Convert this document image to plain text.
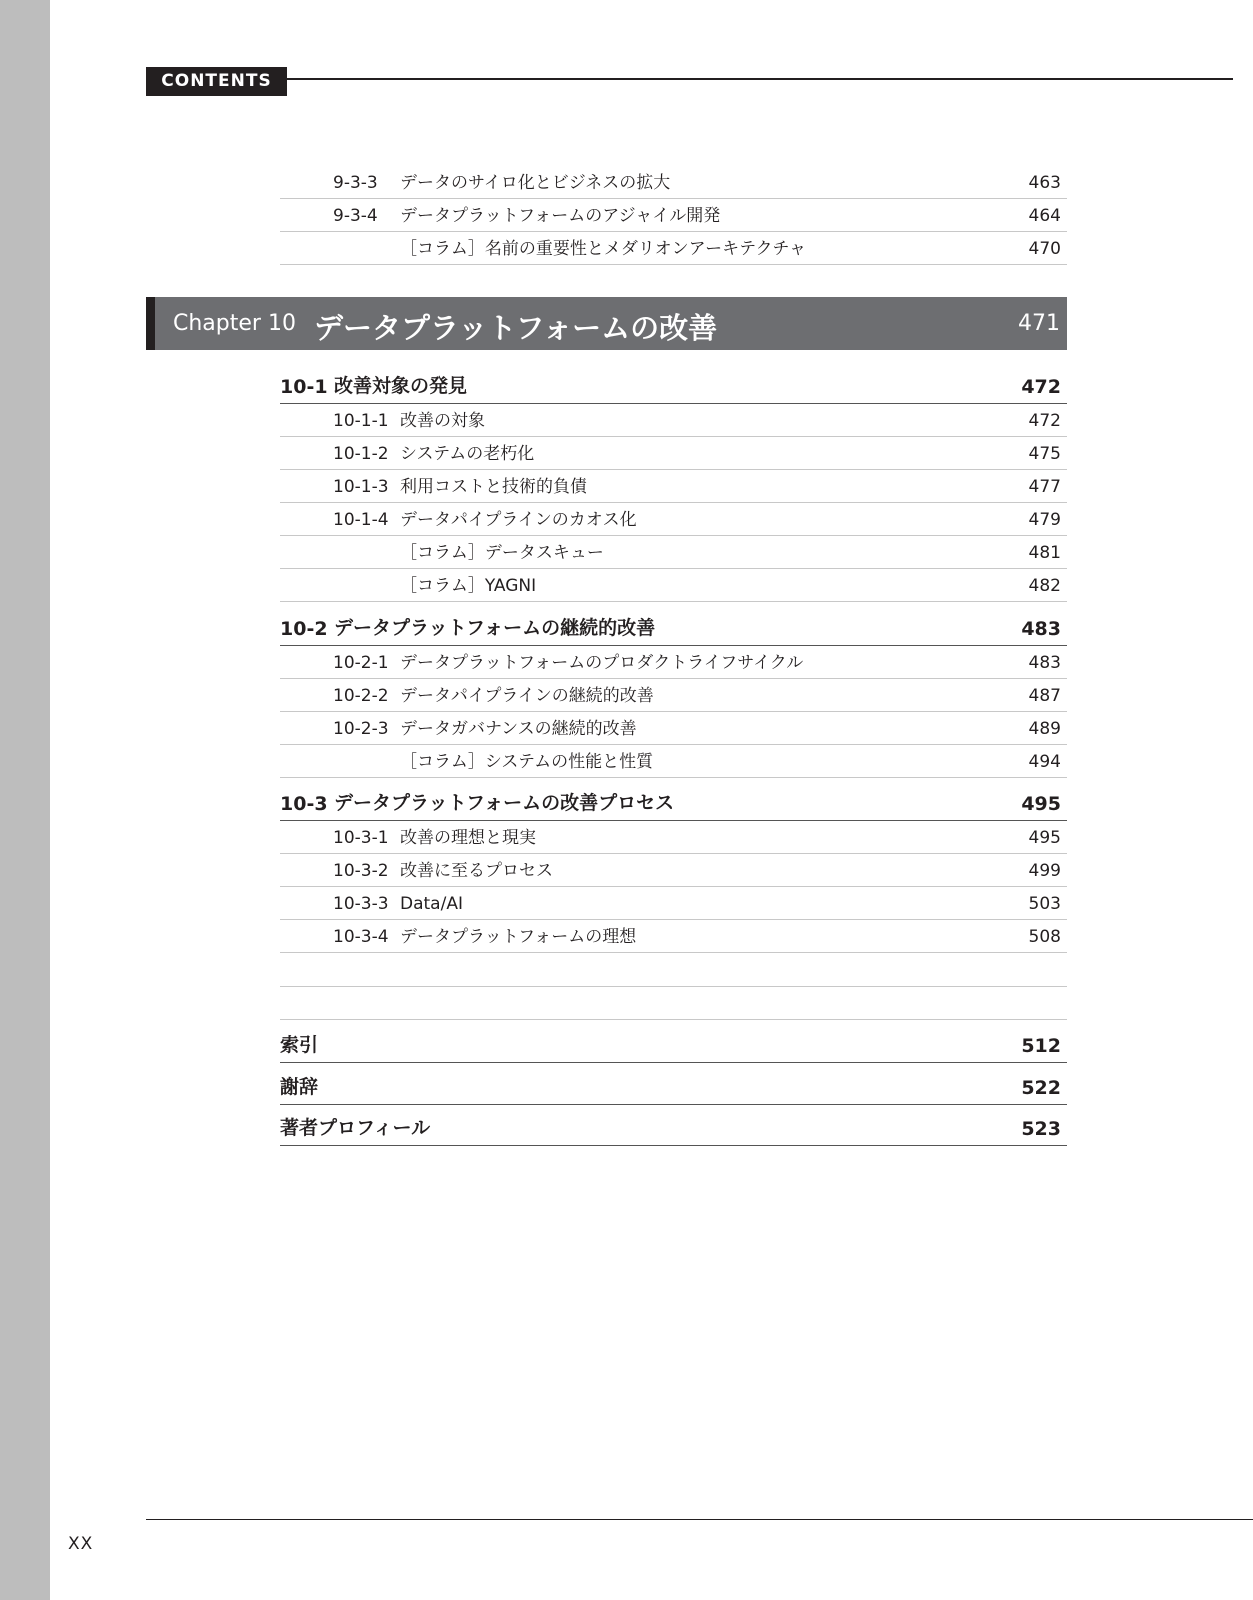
CONTENTS
9-3-3 データのサイロ化とビジネスの拡大	463
9-3-4 データプラットフォームのアジャイル開発	464
［コラム］名前の重要性とメダリオンアーキテクチャ	470
Chapter 10 データプラットフォームの改善	471
10-1 改善対象の発見	472
10-1-1 改善の対象	472
10-1-2 システムの老朽化	475
10-1-3 利用コストと技術的負債	477
10-1-4 データパイプラインのカオス化	479
［コラム］データスキュー	481
［コラム］YAGNI	482
10-2 データプラットフォームの継続的改善	483
10-2-1 データプラットフォームのプロダクトライフサイクル	483
10-2-2 データパイプラインの継続的改善	487
10-2-3 データガバナンスの継続的改善	489
［コラム］システムの性能と性質	494
10-3 データプラットフォームの改善プロセス	495
10-3-1 改善の理想と現実	495
10-3-2 改善に至るプロセス	499
10-3-3 Data/AI	503
10-3-4 データプラットフォームの理想	508
索引	512
謝辞	522
著者プロフィール	523
XX
